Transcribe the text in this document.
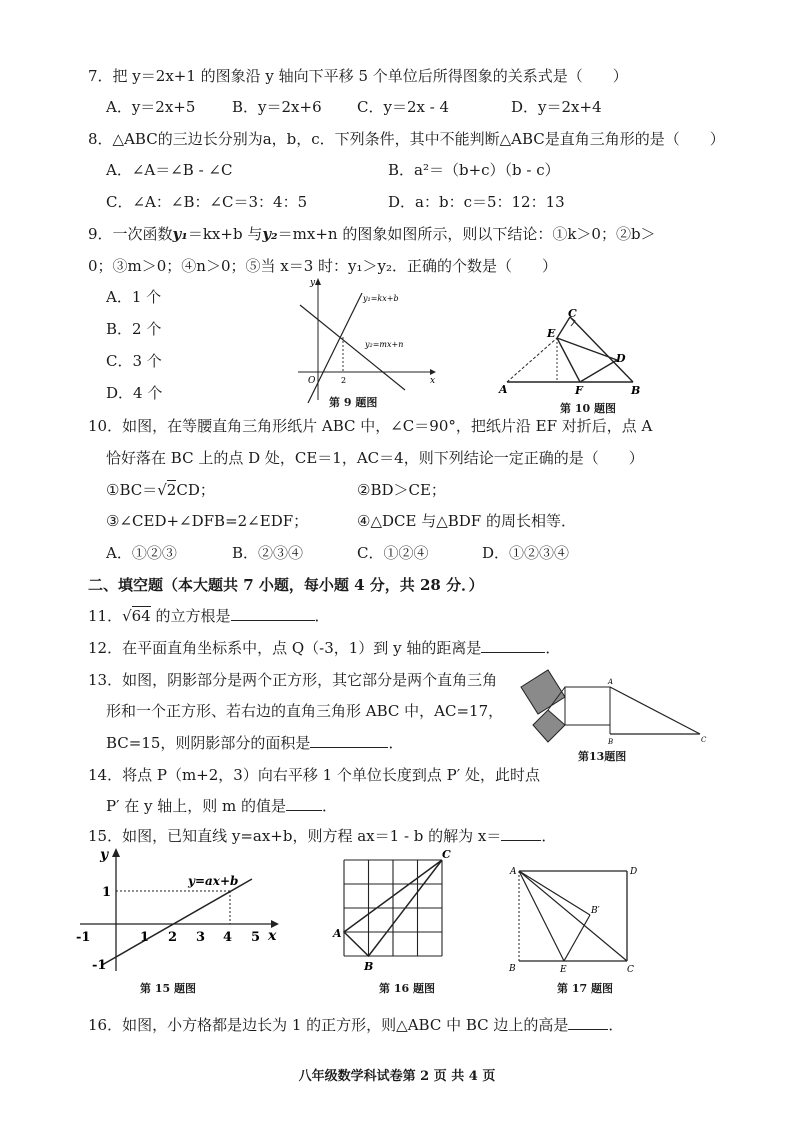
7．把 y＝2x+1 的图象沿 y 轴向下平移 5 个单位后所得图象的关系式是（　　）
A．y＝2x+5 B．y＝2x+6 C．y＝2x - 4	D．y＝2x+4
8．△ABC的三边长分别为a，b，c．下列条件，其中不能判断△ABC是直角三角形的是（　　）
A．∠A＝∠B - ∠C	B．a²＝（b+c）（b - c）
C．∠A：∠B：∠C＝3：4：5	D．a：b：c＝5：12：13
9．一次函数y₁＝kx+b 与y₂＝mx+n 的图象如图所示，则以下结论：①k＞0；②b＞
0；③m＞0；④n＞0；⑤当 x＝3 时：y₁＞y₂．正确的个数是（　　）
A．1 个
B．2 个
C．3 个
D．4 个
y₁=kx+b
y₂=mx+n
y
x
O	2
第 9 题图
C
E
D
A	F	B
第 10 题图
10．如图，在等腰直角三角形纸片 ABC 中，∠C＝90°，把纸片沿 EF 对折后，点 A
恰好落在 BC 上的点 D 处，CE＝1，AC＝4，则下列结论一定正确的是（　　）
①BC＝√2CD；	②BD＞CE；
③∠CED+∠DFB=2∠EDF；	④△DCE 与△BDF 的周长相等．
A．①②③	B．②③④	C．①②④	D．①②③④
二、填空题（本大题共 7 小题，每小题 4 分，共 28 分．）
11．√64 的立方根是	．
12．在平面直角坐标系中，点 Q（-3，1）到 y 轴的距离是	．
13．如图，阴影部分是两个正方形，其它部分是两个直角三角
形和一个正方形、若右边的直角三角形 ABC 中，AC=17，
BC=15，则阴影部分的面积是	．
A
B	C
第13题图
14．将点 P（m+2，3）向右平移 1 个单位长度到点 P′ 处，此时点
P′ 在 y 轴上，则 m 的值是 ．
15．如图，已知直线 y=ax+b，则方程 ax＝1 - b 的解为 x＝	．
y=ax+b
y
x
-1	1 2 3 4 5
1
-1
第 15 题图
C
A
B
第 16 题图
A	D
B′
B	E	C
第 17 题图
16．如图，小方格都是边长为 1 的正方形，则△ABC 中 BC 边上的高是	．
八年级数学科试卷第 2 页 共 4 页
